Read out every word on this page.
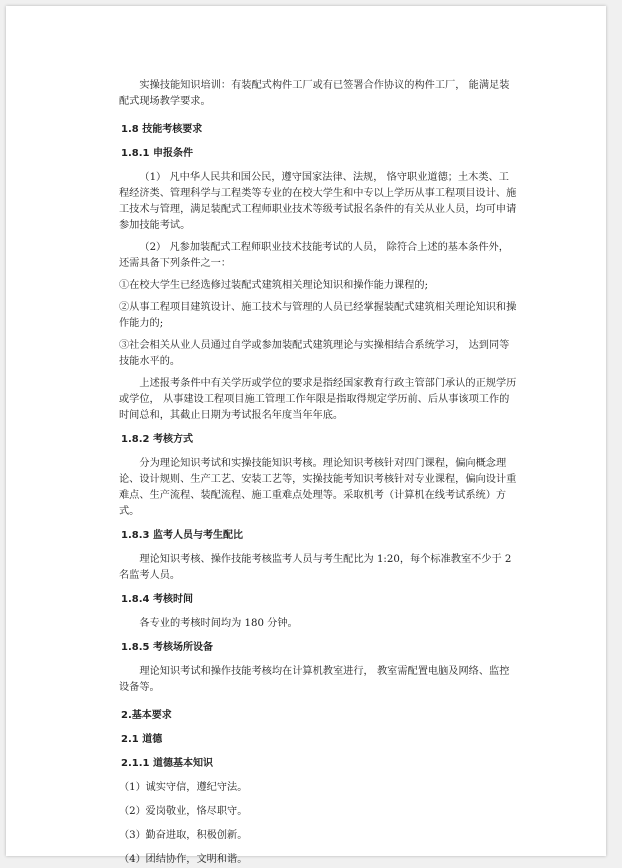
实操技能知识培训：有装配式构件工厂或有已签署合作协议的构件工厂， 能满足装配式现场教学要求。

1.8 技能考核要求

1.8.1 申报条件

（1） 凡中华人民共和国公民，遵守国家法律、法规， 恪守职业道德；土木类、工程经济类、管理科学与工程类等专业的在校大学生和中专以上学历从事工程项目设计、施工技术与管理，满足装配式工程师职业技术等级考试报名条件的有关从业人员，均可申请参加技能考试。

（2） 凡参加装配式工程师职业技术技能考试的人员， 除符合上述的基本条件外，还需具备下列条件之一：

①在校大学生已经选修过装配式建筑相关理论知识和操作能力课程的;

②从事工程项目建筑设计、施工技术与管理的人员已经掌握装配式建筑相关理论知识和操作能力的;

③社会相关从业人员通过自学或参加装配式建筑理论与实操相结合系统学习， 达到同等技能水平的。

上述报考条件中有关学历或学位的要求是指经国家教育行政主管部门承认的正规学历或学位， 从事建设工程项目施工管理工作年限是指取得规定学历前、后从事该项工作的时间总和，其截止日期为考试报名年度当年年底。

1.8.2 考核方式

分为理论知识考试和实操技能知识考核。理论知识考核针对四门课程，偏向概念理论、设计规则、生产工艺、安装工艺等，实操技能考知识考核针对专业课程，偏向设计重难点、生产流程、装配流程、施工重难点处理等。采取机考（计算机在线考试系统）方式。

1.8.3 监考人员与考生配比

理论知识考核、操作技能考核监考人员与考生配比为 1:20，每个标准教室不少于 2 名监考人员。

1.8.4 考核时间

各专业的考核时间均为 180 分钟。

1.8.5 考核场所设备

理论知识考试和操作技能考核均在计算机教室进行， 教室需配置电脑及网络、监控设备等。

2.基本要求

2.1 道德

2.1.1 道德基本知识

（1）诚实守信，遵纪守法。

（2）爱岗敬业，恪尽职守。

（3）勤奋进取，积极创新。

（4）团结协作，文明和谐。
